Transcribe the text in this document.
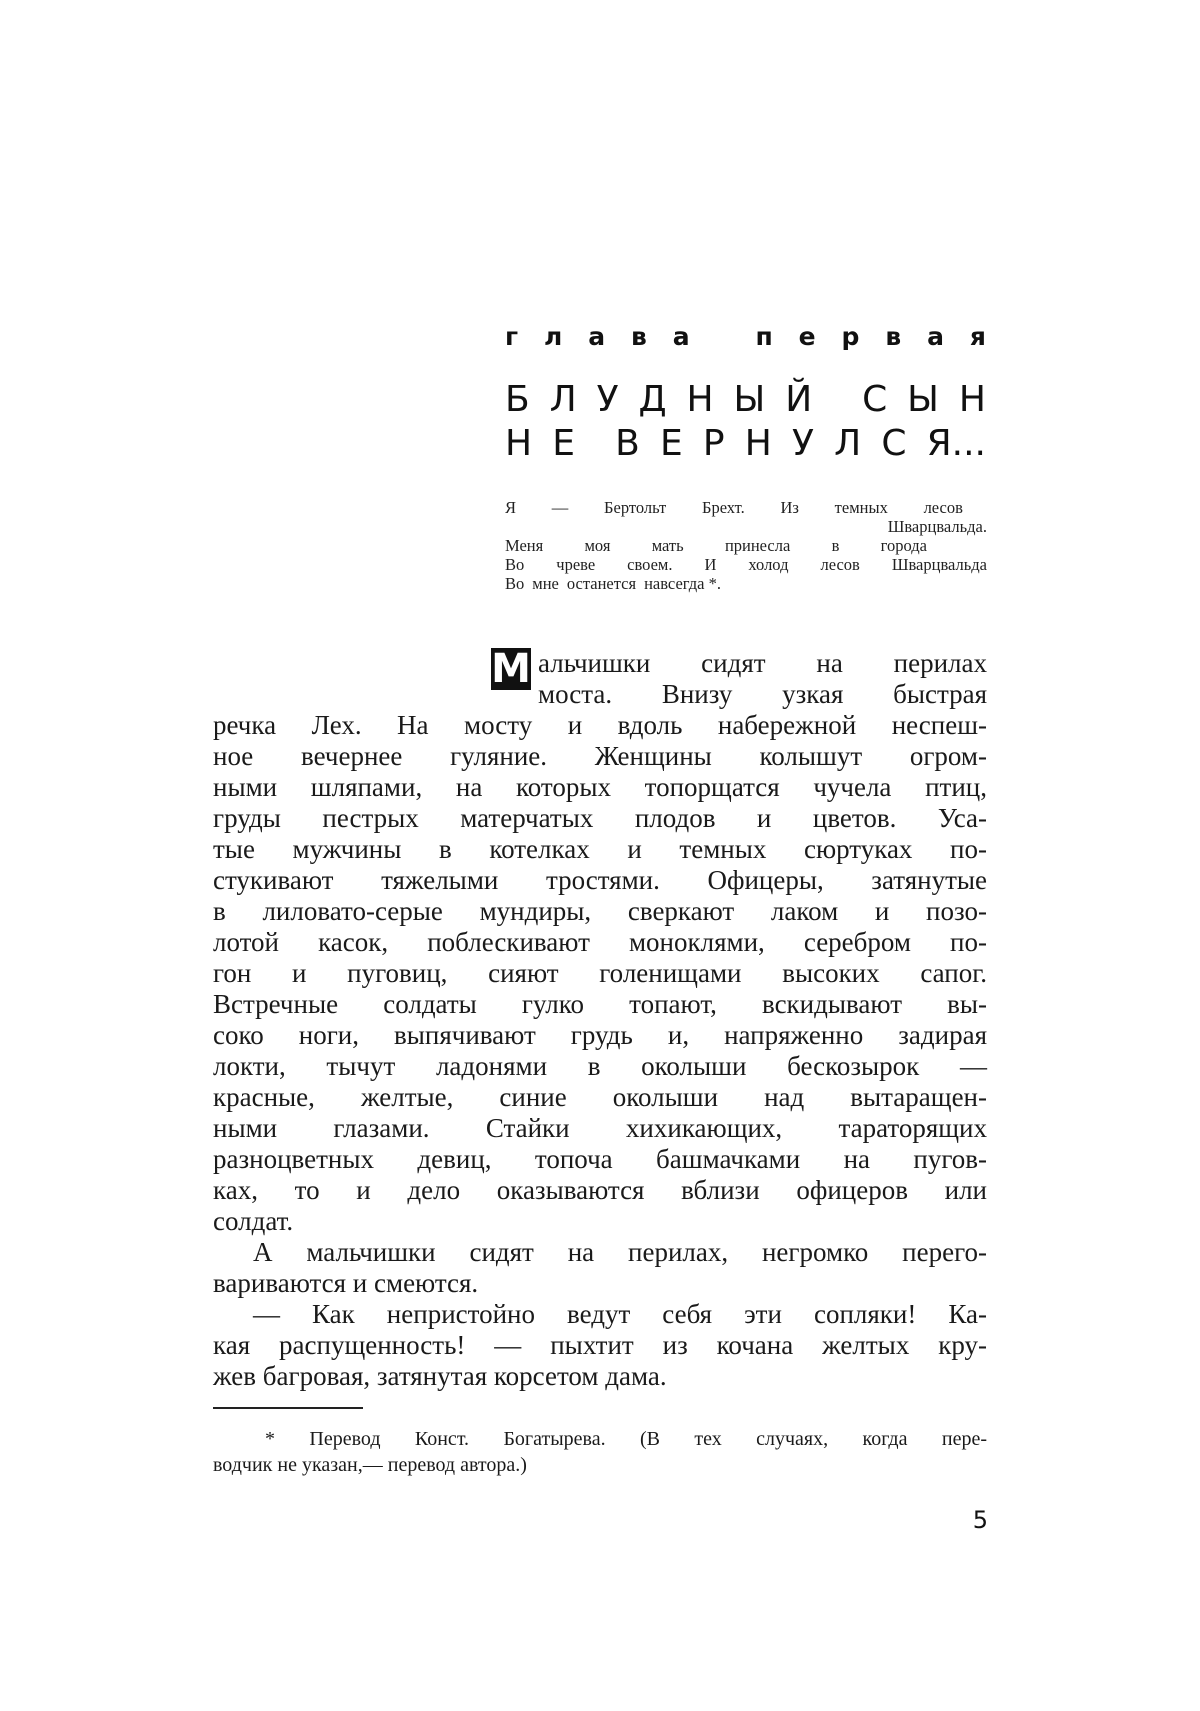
г л а в а	п е р в а я
Б Л У Д Н Ы Й С Ы Н
Н Е В Е Р Н У Л С Я...
Я — Бертольт Брехт. Из темных лесов
Шварцвальда.
Меня	моя	мать	принесла	в	города
Во чреве своем. И холод лесов Шварцвальда
Во мне останется навсегда *.
М альчишки сидят на перилах
моста. Внизу узкая быстрая
речка Лех. На мосту и вдоль набережной неспеш-
ное вечернее гуляние. Женщины колышут огром-
ными шляпами, на которых топорщатся чучела птиц,
груды пестрых матерчатых плодов и цветов. Уса-
тые мужчины в котелках и темных сюртуках по-
стукивают тяжелыми тростями. Офицеры, затянутые
в лиловато-серые мундиры, сверкают лаком и позо-
лотой касок, поблескивают моноклями, серебром по-
гон и пуговиц, сияют голенищами высоких сапог.
Встречные солдаты гулко топают, вскидывают вы-
соко ноги, выпячивают грудь и, напряженно задирая
локти, тычут ладонями в околыши бескозырок —
красные, желтые, синие околыши над вытаращен-
ными глазами. Стайки хихикающих, тараторящих
разноцветных девиц, топоча башмачками на пугов-
ках, то и дело оказываются вблизи офицеров или
солдат.
А мальчишки сидят на перилах, негромко перего-
вариваются и смеются.
— Как непристойно ведут себя эти сопляки! Ка-
кая распущенность! — пыхтит из кочана желтых кру-
жев багровая, затянутая корсетом дама.
* Перевод Конст. Богатырева. (В тех случаях, когда пере-
водчик не указан,— перевод автора.)
5
